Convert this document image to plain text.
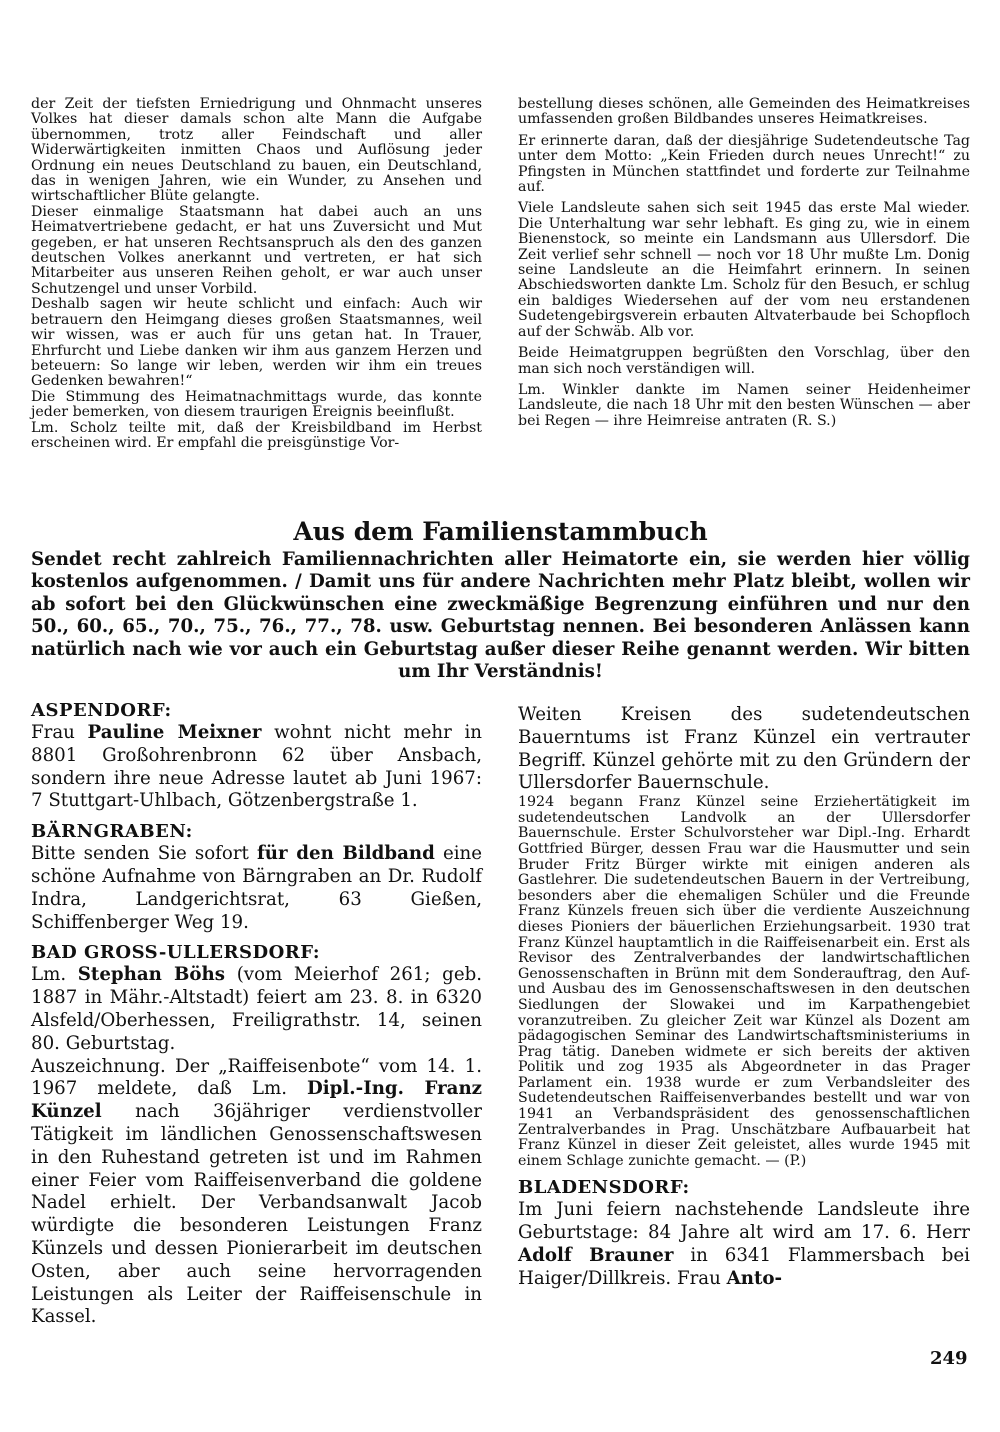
der Zeit der tiefsten Erniedrigung und Ohnmacht unseres Volkes hat dieser damals schon alte Mann die Aufgabe übernommen, trotz aller Feindschaft und aller Widerwärtigkeiten inmitten Chaos und Auflösung jeder Ordnung ein neues Deutschland zu bauen, ein Deutschland, das in wenigen Jahren, wie ein Wunder, zu Ansehen und wirtschaftlicher Blüte gelangte.

Dieser einmalige Staatsmann hat dabei auch an uns Heimatvertriebene gedacht, er hat uns Zuversicht und Mut gegeben, er hat unseren Rechtsanspruch als den des ganzen deutschen Volkes anerkannt und vertreten, er hat sich Mitarbeiter aus unseren Reihen geholt, er war auch unser Schutzengel und unser Vorbild.

Deshalb sagen wir heute schlicht und einfach: Auch wir betrauern den Heimgang dieses großen Staatsmannes, weil wir wissen, was er auch für uns getan hat. In Trauer, Ehrfurcht und Liebe danken wir ihm aus ganzem Herzen und beteuern: So lange wir leben, werden wir ihm ein treues Gedenken bewahren!“

Die Stimmung des Heimatnachmittags wurde, das konnte jeder bemerken, von diesem traurigen Ereignis beeinflußt.

Lm. Scholz teilte mit, daß der Kreisbildband im Herbst erscheinen wird. Er empfahl die preisgünstige Vor-

bestellung dieses schönen, alle Gemeinden des Heimatkreises umfassenden großen Bildbandes unseres Heimatkreises.

Er erinnerte daran, daß der diesjährige Sudetendeutsche Tag unter dem Motto: „Kein Frieden durch neues Unrecht!“ zu Pfingsten in München stattfindet und forderte zur Teilnahme auf.

Viele Landsleute sahen sich seit 1945 das erste Mal wieder. Die Unterhaltung war sehr lebhaft. Es ging zu, wie in einem Bienenstock, so meinte ein Landsmann aus Ullersdorf. Die Zeit verlief sehr schnell — noch vor 18 Uhr mußte Lm. Donig seine Landsleute an die Heimfahrt erinnern. In seinen Abschiedsworten dankte Lm. Scholz für den Besuch, er schlug ein baldiges Wiedersehen auf der vom neu erstandenen Sudetengebirgsverein erbauten Altvaterbaude bei Schopfloch auf der Schwäb. Alb vor.

Beide Heimatgruppen begrüßten den Vorschlag, über den man sich noch verständigen will.

Lm. Winkler dankte im Namen seiner Heidenheimer Landsleute, die nach 18 Uhr mit den besten Wünschen — aber bei Regen — ihre Heimreise antraten (R. S.)

Aus dem Familienstammbuch

Sendet recht zahlreich Familiennachrichten aller Heimatorte ein, sie werden hier völlig kostenlos aufgenommen. / Damit uns für andere Nachrichten mehr Platz bleibt, wollen wir ab sofort bei den Glückwünschen eine zweckmäßige Begrenzung einführen und nur den 50., 60., 65., 70., 75., 76., 77., 78. usw. Geburtstag nennen. Bei besonderen Anlässen kann natürlich nach wie vor auch ein Geburtstag außer dieser Reihe genannt werden. Wir bitten um Ihr Verständnis!

ASPENDORF:

Frau Pauline Meixner wohnt nicht mehr in 8801 Großohrenbronn 62 über Ansbach, sondern ihre neue Adresse lautet ab Juni 1967: 7 Stuttgart-Uhlbach, Götzenbergstraße 1.

BÄRNGRABEN:

Bitte senden Sie sofort für den Bildband eine schöne Aufnahme von Bärngraben an Dr. Rudolf Indra, Landgerichtsrat, 63 Gießen, Schiffenberger Weg 19.

BAD GROSS-ULLERSDORF:

Lm. Stephan Böhs (vom Meierhof 261; geb. 1887 in Mähr.-Altstadt) feiert am 23. 8. in 6320 Alsfeld/Oberhessen, Freiligrathstr. 14, seinen 80. Geburtstag.

Auszeichnung. Der „Raiffeisenbote“ vom 14. 1. 1967 meldete, daß Lm. Dipl.-Ing. Franz Künzel nach 36jähriger verdienstvoller Tätigkeit im ländlichen Genossenschaftswesen in den Ruhestand getreten ist und im Rahmen einer Feier vom Raiffeisenverband die goldene Nadel erhielt. Der Verbandsanwalt Jacob würdigte die besonderen Leistungen Franz Künzels und dessen Pionierarbeit im deutschen Osten, aber auch seine hervorragenden Leistungen als Leiter der Raiffeisenschule in Kassel.

Weiten Kreisen des sudetendeutschen Bauerntums ist Franz Künzel ein vertrauter Begriff. Künzel gehörte mit zu den Gründern der Ullersdorfer Bauernschule.

1924 begann Franz Künzel seine Erziehertätigkeit im sudetendeutschen Landvolk an der Ullersdorfer Bauernschule. Erster Schulvorsteher war Dipl.-Ing. Erhardt Gottfried Bürger, dessen Frau war die Hausmutter und sein Bruder Fritz Bürger wirkte mit einigen anderen als Gastlehrer. Die sudetendeutschen Bauern in der Vertreibung, besonders aber die ehemaligen Schüler und die Freunde Franz Künzels freuen sich über die verdiente Auszeichnung dieses Pioniers der bäuerlichen Erziehungsarbeit. 1930 trat Franz Künzel hauptamtlich in die Raiffeisenarbeit ein. Erst als Revisor des Zentralverbandes der landwirtschaftlichen Genossenschaften in Brünn mit dem Sonderauftrag, den Auf- und Ausbau des im Genossenschaftswesen in den deutschen Siedlungen der Slowakei und im Karpathengebiet voranzutreiben. Zu gleicher Zeit war Künzel als Dozent am pädagogischen Seminar des Landwirtschaftsministeriums in Prag tätig. Daneben widmete er sich bereits der aktiven Politik und zog 1935 als Abgeordneter in das Prager Parlament ein. 1938 wurde er zum Verbandsleiter des Sudetendeutschen Raiffeisenverbandes bestellt und war von 1941 an Verbandspräsident des genossenschaftlichen Zentralverbandes in Prag. Unschätzbare Aufbauarbeit hat Franz Künzel in dieser Zeit geleistet, alles wurde 1945 mit einem Schlage zunichte gemacht. — (P.)

BLADENSDORF:

Im Juni feiern nachstehende Landsleute ihre Geburtstage: 84 Jahre alt wird am 17. 6. Herr Adolf Brauner in 6341 Flammersbach bei Haiger/Dillkreis. Frau Anto-

249
